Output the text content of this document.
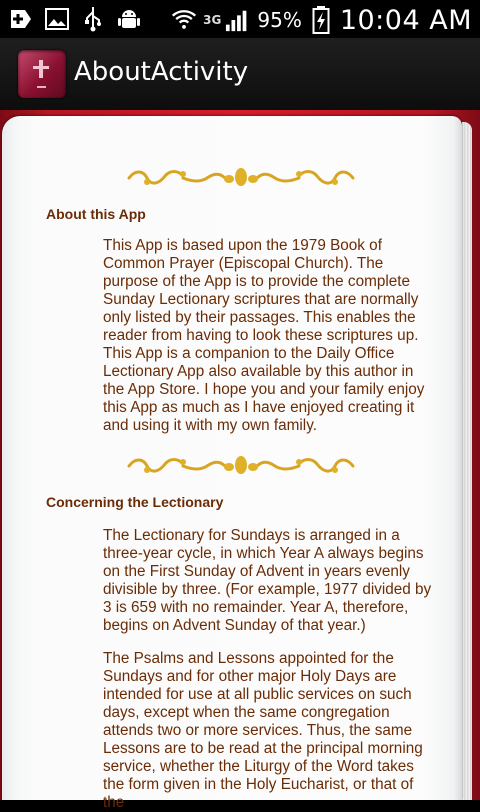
3G 95% 10:04 AM
AboutActivity
About this App

This App is based upon the 1979 Book of Common Prayer (Episcopal Church). The purpose of the App is to provide the complete Sunday Lectionary scriptures that are normally only listed by their passages. This enables the reader from having to look these scriptures up. This App is a companion to the Daily Office Lectionary App also available by this author in the App Store. I hope you and your family enjoy this App as much as I have enjoyed creating it and using it with my own family.

Concerning the Lectionary

The Lectionary for Sundays is arranged in a three-year cycle, in which Year A always begins on the First Sunday of Advent in years evenly divisible by three. (For example, 1977 divided by 3 is 659 with no remainder. Year A, therefore, begins on Advent Sunday of that year.)

The Psalms and Lessons appointed for the Sundays and for other major Holy Days are intended for use at all public services on such days, except when the same congregation attends two or more services. Thus, the same Lessons are to be read at the principal morning service, whether the Liturgy of the Word takes the form given in the Holy Eucharist, or that of the
